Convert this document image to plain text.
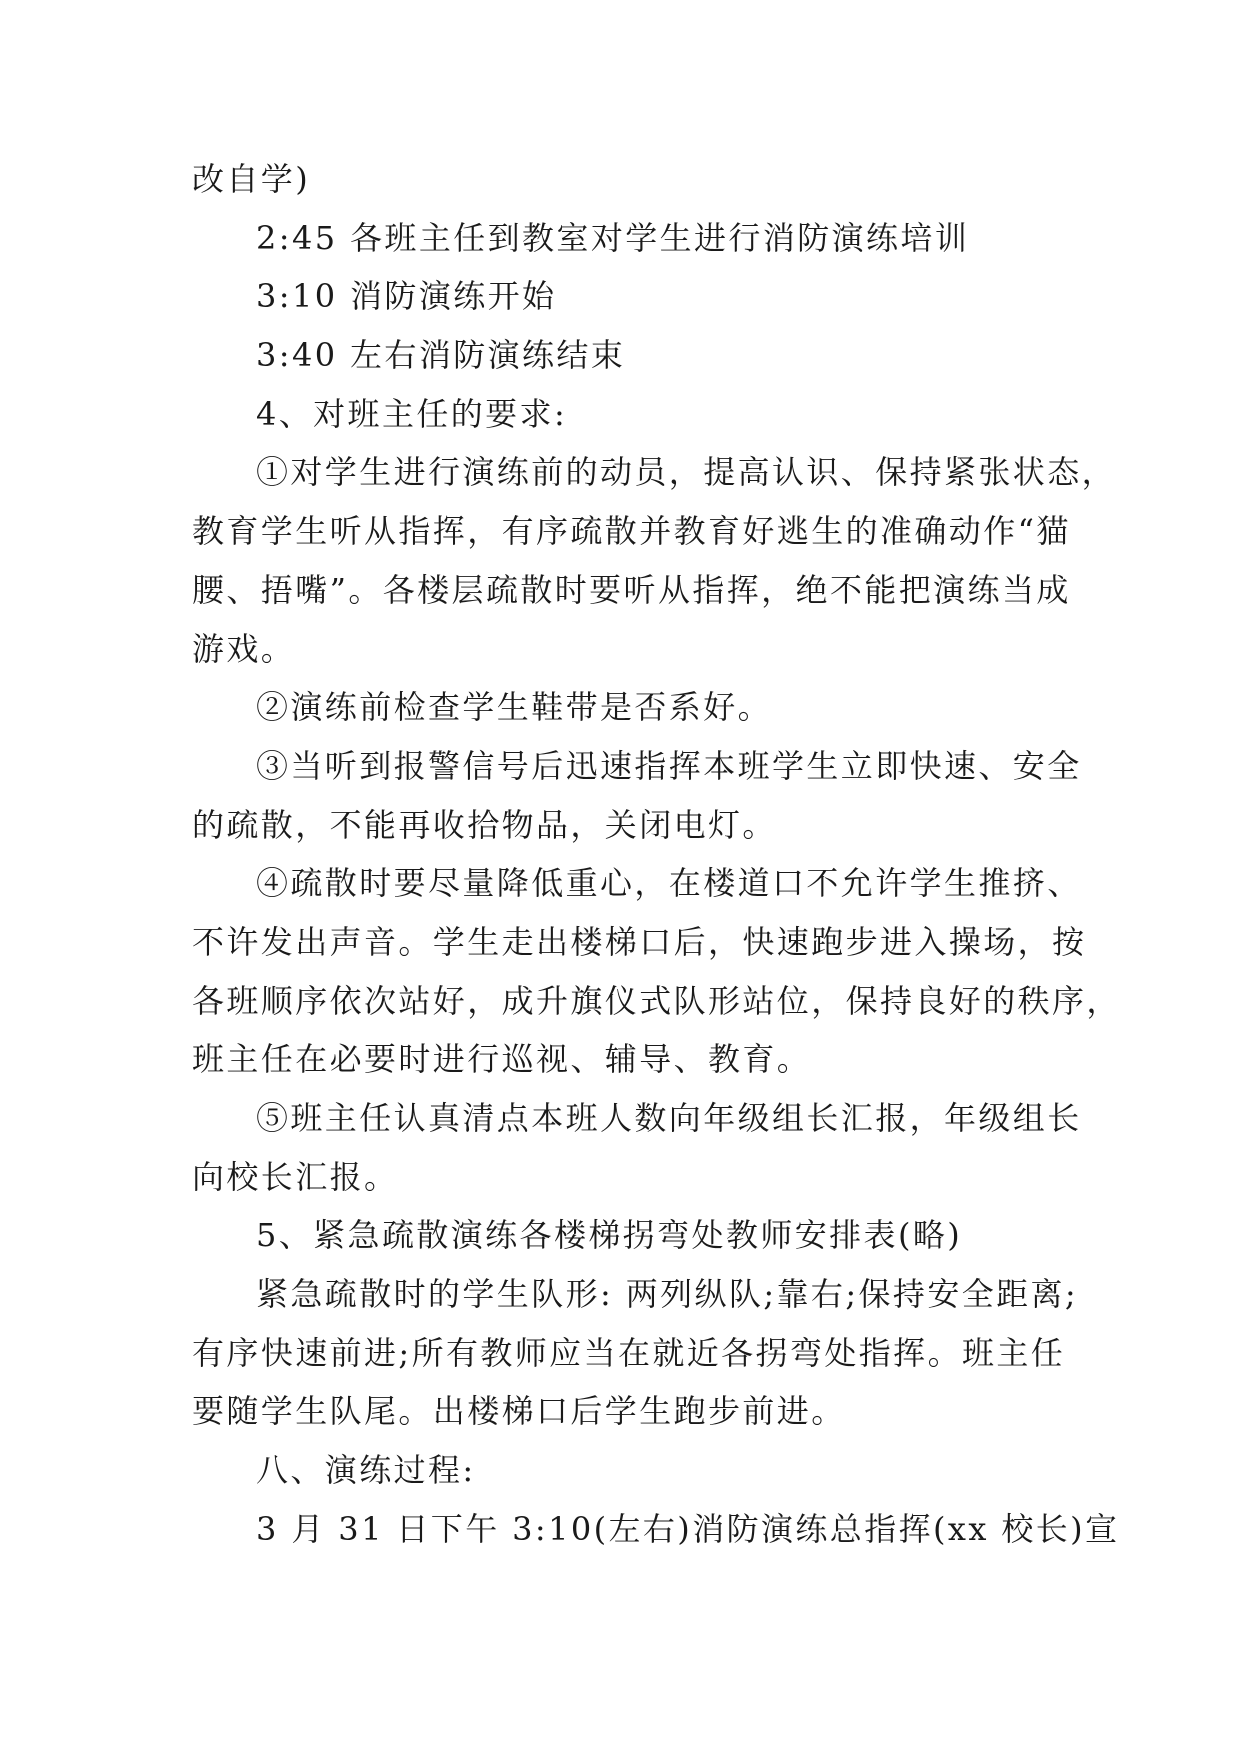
改自学)
2:45 各班主任到教室对学生进行消防演练培训
3:10 消防演练开始
3:40 左右消防演练结束
4、对班主任的要求:
①对学生进行演练前的动员，提高认识、保持紧张状态，
教育学生听从指挥，有序疏散并教育好逃生的准确动作“猫
腰、捂嘴”。各楼层疏散时要听从指挥，绝不能把演练当成
游戏。
②演练前检查学生鞋带是否系好。
③当听到报警信号后迅速指挥本班学生立即快速、安全
的疏散，不能再收拾物品，关闭电灯。
④疏散时要尽量降低重心，在楼道口不允许学生推挤、
不许发出声音。学生走出楼梯口后，快速跑步进入操场，按
各班顺序依次站好，成升旗仪式队形站位，保持良好的秩序，
班主任在必要时进行巡视、辅导、教育。
⑤班主任认真清点本班人数向年级组长汇报，年级组长
向校长汇报。
5、紧急疏散演练各楼梯拐弯处教师安排表(略)
紧急疏散时的学生队形: 两列纵队;靠右;保持安全距离;
有序快速前进;所有教师应当在就近各拐弯处指挥。班主任
要随学生队尾。出楼梯口后学生跑步前进。
八、演练过程:
3 月 31 日下午 3:10(左右)消防演练总指挥(xx 校长)宣
